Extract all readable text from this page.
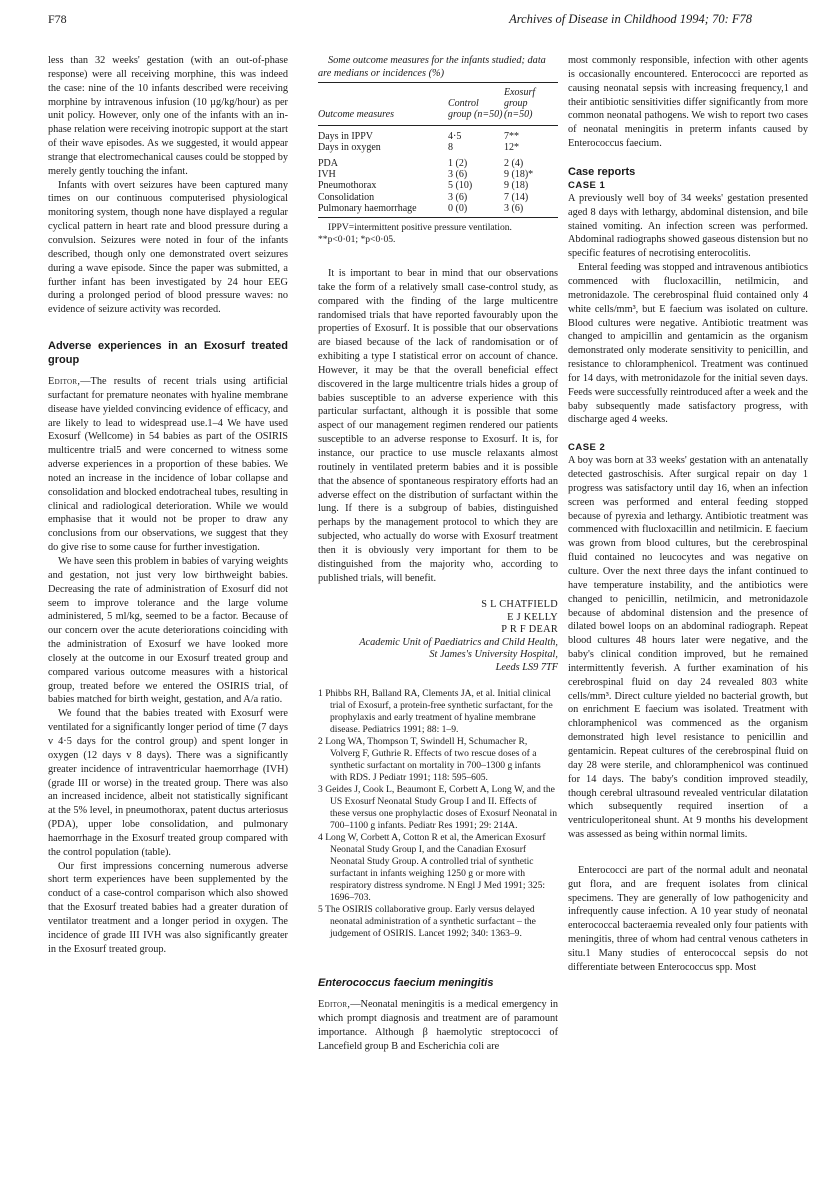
F78	Archives of Disease in Childhood 1994; 70: F78

less than 32 weeks' gestation (with an out-of-phase response) were all receiving morphine, this was indeed the case: nine of the 10 infants described were receiving morphine by intravenous infusion (10 µg/kg/hour) as per unit policy. However, only one of the infants with an in-phase relation were receiving inotropic support at the start of their wave episodes. As we suggested, it would appear strange that electromechanical causes could be stopped by merely gently touching the infant.

Infants with overt seizures have been captured many times on our continuous computerised physiological monitoring system, though none have displayed a regular cyclical pattern in heart rate and blood pressure during a convulsion. Seizures were noted in four of the infants described, though only one demonstrated overt seizures during a wave episode. Since the paper was submitted, a further infant has been investigated by 24 hour EEG during a prolonged period of blood pressure waves: no evidence of seizure activity was recorded.

Adverse experiences in an Exosurf treated group

Editor,—The results of recent trials using artificial surfactant for premature neonates with hyaline membrane disease have yielded convincing evidence of efficacy, and are likely to lead to widespread use.1–4 We have used Exosurf (Wellcome) in 54 babies as part of the OSIRIS multicentre trial5 and were concerned to witness some adverse experiences in a proportion of these babies. We noted an increase in the incidence of lobar collapse and consolidation and blocked endotracheal tubes, resulting in clinical and radiological deterioration. While we would emphasise that it would not be proper to draw any conclusions from our observations, we suggest that they do give rise to some cause for further investigation.

We have seen this problem in babies of varying weights and gestation, not just very low birthweight babies. Decreasing the rate of administration of Exosurf did not seem to improve tolerance and the large volume administered, 5 ml/kg, seemed to be a factor. Because of our concern over the acute deteriorations coinciding with the administration of Exosurf we have looked more closely at the outcome in our Exosurf treated group and compared various outcome measures with a historical group, treated before we entered the OSIRIS trial, of babies matched for birth weight, gestation, and A/a ratio.

We found that the babies treated with Exosurf were ventilated for a significantly longer period of time (7 days v 4·5 days for the control group) and spent longer in oxygen (12 days v 8 days). There was a significantly greater incidence of intraventricular haemorrhage (IVH) (grade III or worse) in the treated group. There was also an increased incidence, albeit not statistically significant at the 5% level, in pneumothorax, patent ductus arteriosus (PDA), upper lobe consolidation, and pulmonary haemorrhage in the Exosurf treated group compared with the control population (table).

Our first impressions concerning numerous adverse short term experiences have been supplemented by the conduct of a case-control comparison which also showed that the Exosurf treated babies had a greater duration of ventilator treatment and a longer period in oxygen. The incidence of grade III IVH was also significantly greater in the Exosurf treated group.

Some outcome measures for the infants studied; data are medians or incidences (%)

Outcome measures	Control group (n=50)	Exosurf group (n=50)
Days in IPPV	4·5	7**
Days in oxygen	8	12*
PDA	1 (2)	2 (4)
IVH	3 (6)	9 (18)*
Pneumothorax	5 (10)	9 (18)
Consolidation	3 (6)	7 (14)
Pulmonary haemorrhage	0 (0)	3 (6)

IPPV=intermittent positive pressure ventilation.
**p<0·01; *p<0·05.

It is important to bear in mind that our observations take the form of a relatively small case-control study, as compared with the finding of the large multicentre randomised trials that have reported favourably upon the properties of Exosurf. It is possible that our observations are biased because of the lack of randomisation or of exhibiting a type I statistical error on account of chance. However, it may be that the overall beneficial effect discovered in the large multicentre trials hides a group of babies susceptible to an adverse experience with this particular surfactant, although it is possible that some aspect of our management regimen rendered our patients susceptible to an adverse response to Exosurf. It is, for instance, our practice to use muscle relaxants almost routinely in ventilated preterm babies and it is possible that the absence of spontaneous respiratory efforts had an adverse effect on the distribution of surfactant within the lung. If there is a subgroup of babies, distinguished perhaps by the management protocol to which they are subjected, who actually do worse with Exosurf treatment then it is obviously very important for them to be distinguished from the majority who, according to published trials, will benefit.

S L CHATFIELD

E J KELLY

P R F DEAR

Academic Unit of Paediatrics and Child Health,

St James's University Hospital,

Leeds LS9 7TF

1 Phibbs RH, Balland RA, Clements JA, et al. Initial clinical trial of Exosurf, a protein-free synthetic surfactant, for the prophylaxis and early treatment of hyaline membrane disease. Pediatrics 1991; 88: 1–9.
2 Long WA, Thompson T, Swindell H, Schumacher R, Volverg F, Guthrie R. Effects of two rescue doses of a synthetic surfactant on mortality in 700–1300 g infants with RDS. J Pediatr 1991; 118: 595–605.
3 Geides J, Cook L, Beaumont E, Corbett A, Long W, and the US Exosurf Neonatal Study Group I and II. Effects of these versus one prophylactic doses of Exosurf Neonatal in 700–1100 g infants. Pediatr Res 1991; 29: 214A.
4 Long W, Corbett A, Cotton R et al, the American Exosurf Neonatal Study Group I, and the Canadian Exosurf Neonatal Study Group. A controlled trial of synthetic surfactant in infants weighing 1250 g or more with respiratory distress syndrome. N Engl J Med 1991; 325: 1696–703.
5 The OSIRIS collaborative group. Early versus delayed neonatal administration of a synthetic surfactant – the judgement of OSIRIS. Lancet 1992; 340: 1363–9.
Enterococcus faecium meningitis

Editor,—Neonatal meningitis is a medical emergency in which prompt diagnosis and treatment are of paramount importance. Although β haemolytic streptococci of Lancefield group B and Escherichia coli are

most commonly responsible, infection with other agents is occasionally encountered. Enterococci are reported as causing neonatal sepsis with increasing frequency,1 and their antibiotic sensitivities differ significantly from more common neonatal pathogens. We wish to report two cases of neonatal meningitis in preterm infants caused by Enterococcus faecium.

Case reports
CASE 1

A previously well boy of 34 weeks' gestation presented aged 8 days with lethargy, abdominal distension, and bile stained vomiting. An infection screen was performed. Abdominal radiographs showed gaseous distension but no specific features of necrotising enterocolitis.

Enteral feeding was stopped and intravenous antibiotics commenced with flucloxacillin, netilmicin, and metronidazole. The cerebrospinal fluid contained only 4 white cells/mm³, but E faecium was isolated on culture. Blood cultures were negative. Antibiotic treatment was changed to ampicillin and gentamicin as the organism demonstrated only moderate sensitivity to penicillin, and resistance to chloramphenicol. Treatment was continued for 14 days, with metronidazole for the initial seven days. Feeds were successfully reintroduced after a week and the baby subsequently made satisfactory progress, with discharge aged 4 weeks.

CASE 2

A boy was born at 33 weeks' gestation with an antenatally detected gastroschisis. After surgical repair on day 1 progress was satisfactory until day 16, when an infection screen was performed and enteral feeding stopped because of pyrexia and lethargy. Antibiotic treatment was commenced with flucloxacillin and netilmicin. E faecium was grown from blood cultures, but the cerebrospinal fluid contained no leucocytes and was negative on culture. Over the next three days the infant continued to have temperature instability, and the antibiotics were changed to penicillin, netilmicin, and metronidazole because of abdominal distension and the presence of dilated bowel loops on an abdominal radiograph. Repeat blood cultures 48 hours later were negative, and the baby's clinical condition improved, but he remained intermittently feverish. A further examination of his cerebrospinal fluid on day 24 revealed 803 white cells/mm³. Direct culture yielded no bacterial growth, but on enrichment E faecium was isolated. Treatment with chloramphenicol was commenced as the organism demonstrated high level resistance to penicillin and gentamicin. Repeat cultures of the cerebrospinal fluid on day 28 were sterile, and chloramphenicol was continued for 14 days. The baby's condition improved steadily, though cerebral ultrasound revealed ventricular dilatation which subsequently required insertion of a ventriculoperitoneal shunt. At 9 months his development was assessed as being within normal limits.

Enterococci are part of the normal adult and neonatal gut flora, and are frequent isolates from clinical specimens. They are generally of low pathogenicity and infrequently cause infection. A 10 year study of neonatal enterococcal bacteraemia revealed only four patients with meningitis, three of whom had central venous catheters in situ.1 Many studies of enterococcal sepsis do not differentiate between Enterococcus spp. Most
